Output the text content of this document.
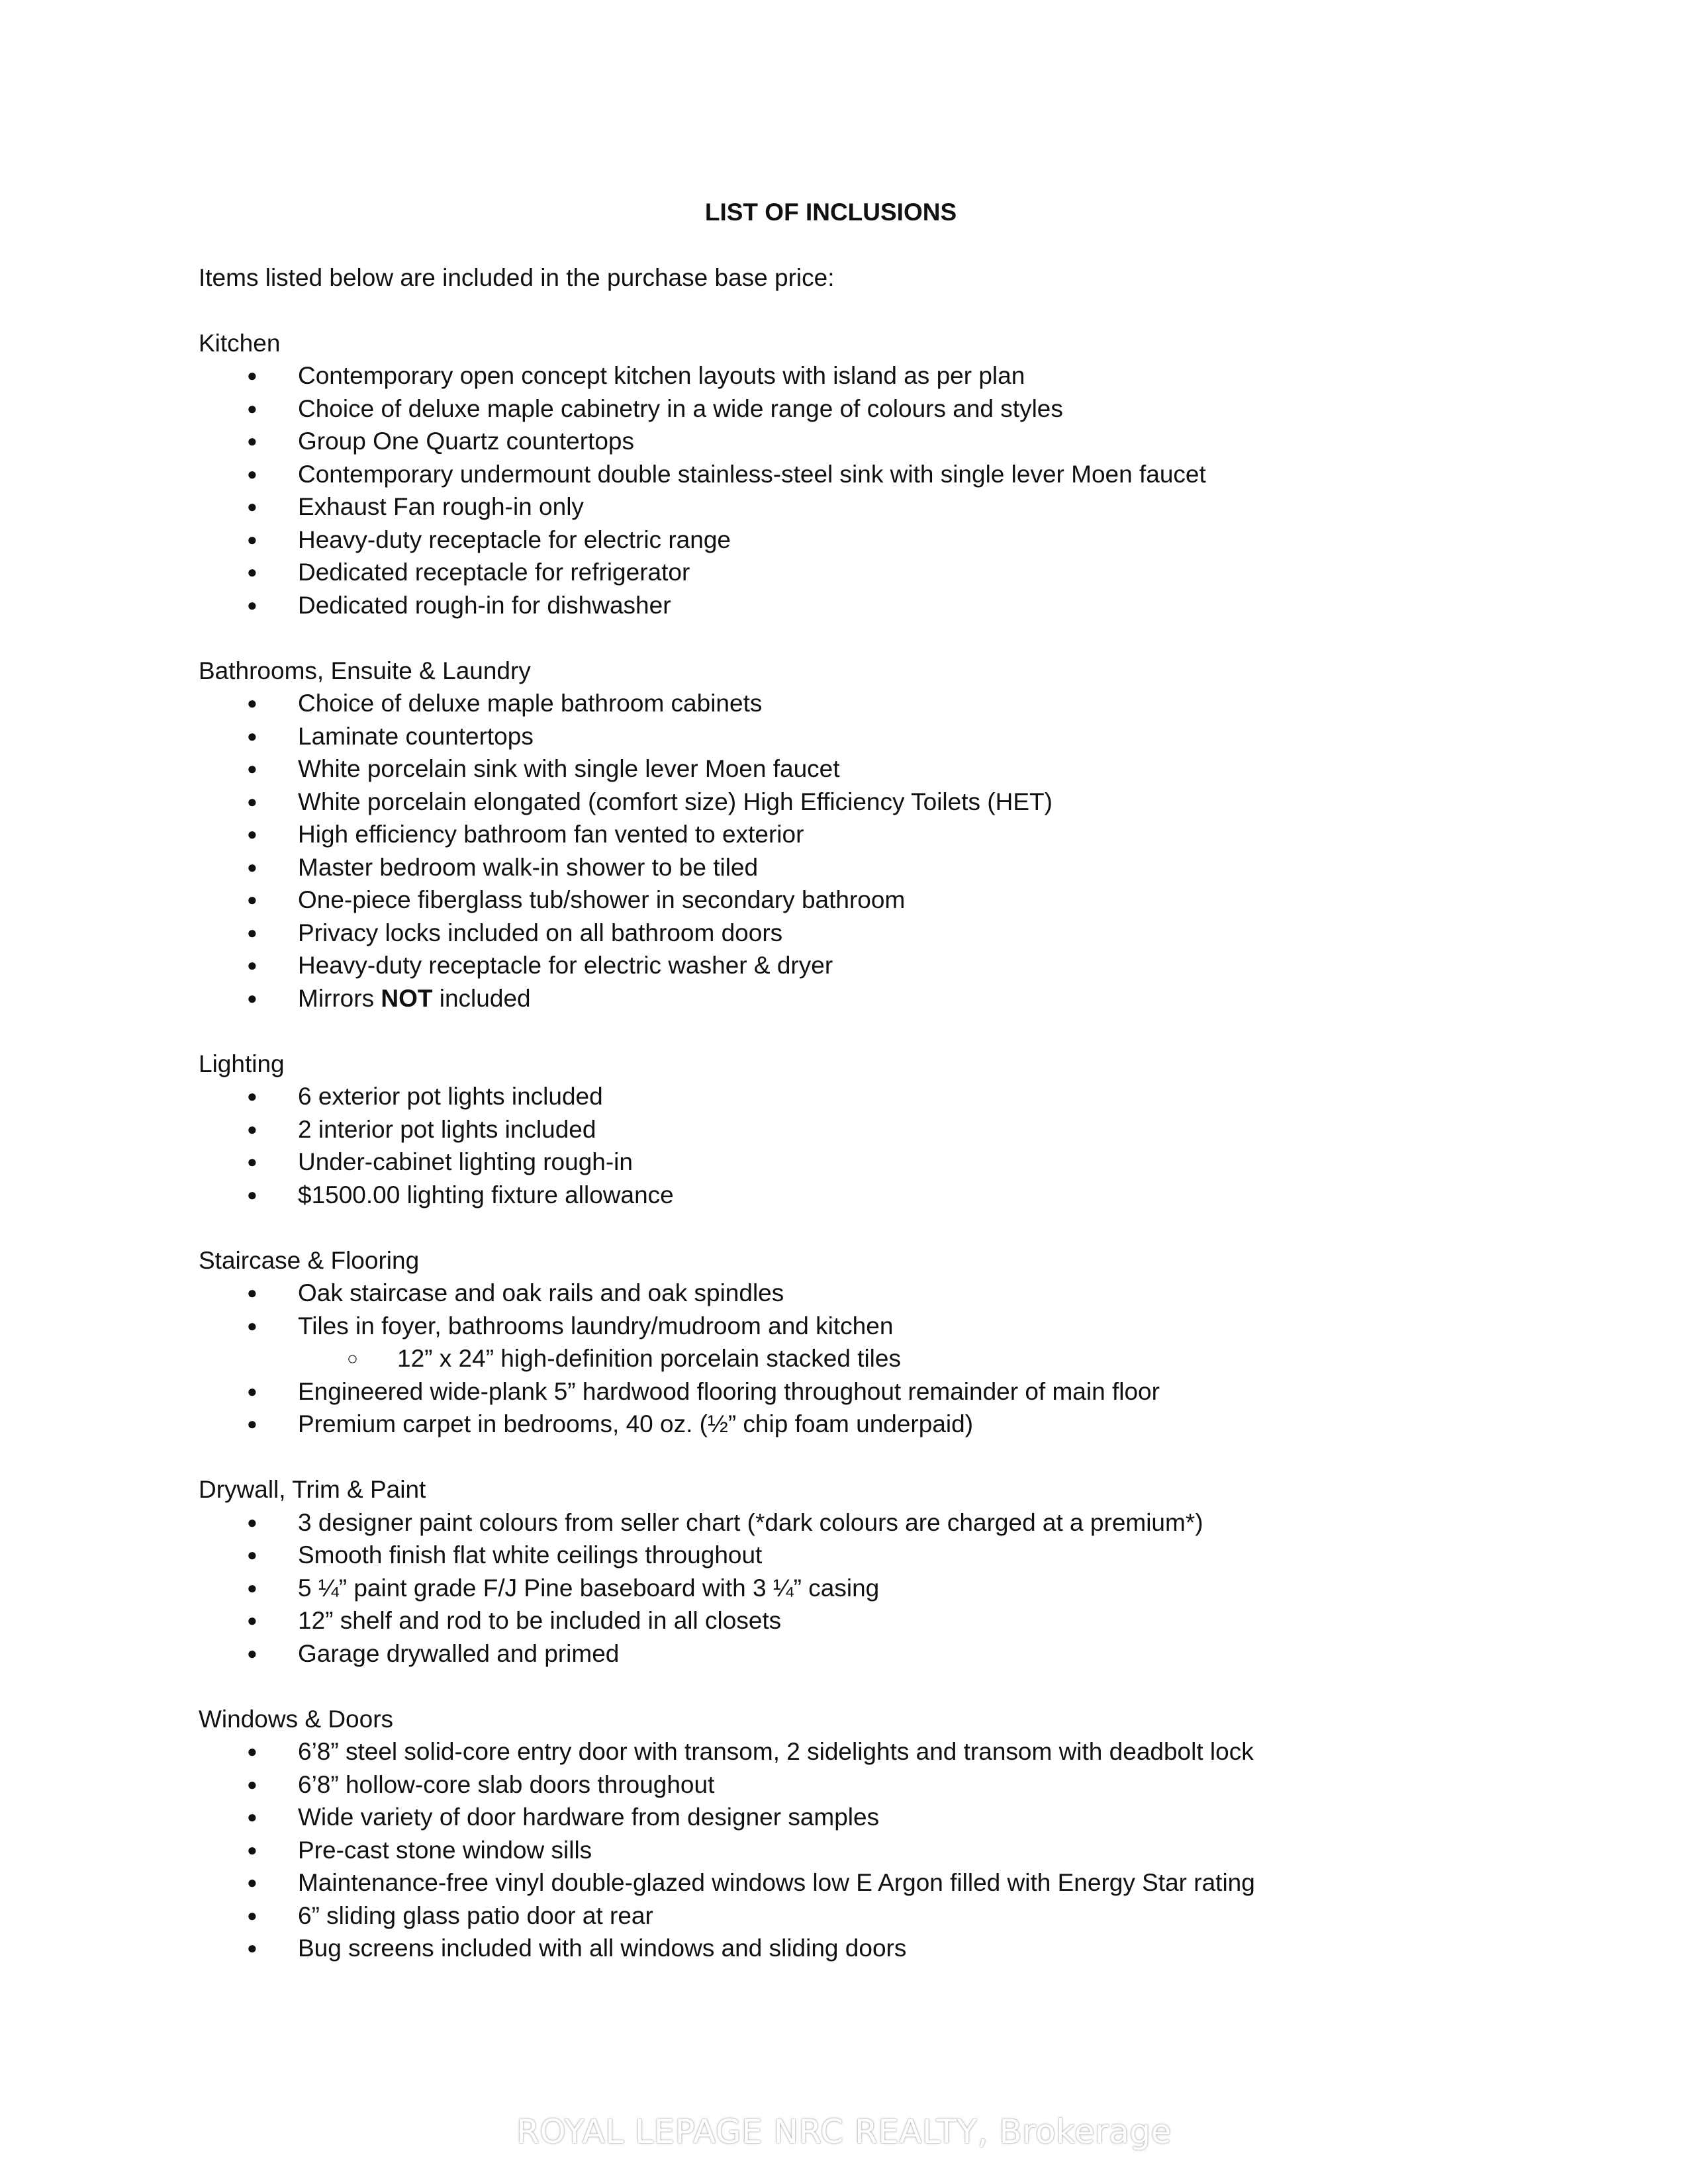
LIST OF INCLUSIONS
Items listed below are included in the purchase base price:
Kitchen
● Contemporary open concept kitchen layouts with island as per plan
● Choice of deluxe maple cabinetry in a wide range of colours and styles
● Group One Quartz countertops
● Contemporary undermount double stainless-steel sink with single lever Moen faucet
● Exhaust Fan rough-in only
● Heavy-duty receptacle for electric range
● Dedicated receptacle for refrigerator
● Dedicated rough-in for dishwasher
Bathrooms, Ensuite & Laundry
● Choice of deluxe maple bathroom cabinets
● Laminate countertops
● White porcelain sink with single lever Moen faucet
● White porcelain elongated (comfort size) High Efficiency Toilets (HET)
● High efficiency bathroom fan vented to exterior
● Master bedroom walk-in shower to be tiled
● One-piece fiberglass tub/shower in secondary bathroom
● Privacy locks included on all bathroom doors
● Heavy-duty receptacle for electric washer & dryer
● Mirrors NOT included
Lighting
● 6 exterior pot lights included
● 2 interior pot lights included
● Under-cabinet lighting rough-in
● $1500.00 lighting fixture allowance
Staircase & Flooring
● Oak staircase and oak rails and oak spindles
● Tiles in foyer, bathrooms laundry/mudroom and kitchen
○ 12” x 24” high-definition porcelain stacked tiles
● Engineered wide-plank 5” hardwood flooring throughout remainder of main floor
● Premium carpet in bedrooms, 40 oz. (½” chip foam underpaid)
Drywall, Trim & Paint
● 3 designer paint colours from seller chart (*dark colours are charged at a premium*)
● Smooth finish flat white ceilings throughout
● 5 ¼” paint grade F/J Pine baseboard with 3 ¼” casing
● 12” shelf and rod to be included in all closets
● Garage drywalled and primed
Windows & Doors
● 6’8” steel solid-core entry door with transom, 2 sidelights and transom with deadbolt lock
● 6’8” hollow-core slab doors throughout
● Wide variety of door hardware from designer samples
● Pre-cast stone window sills
● Maintenance-free vinyl double-glazed windows low E Argon filled with Energy Star rating
● 6” sliding glass patio door at rear
● Bug screens included with all windows and sliding doors
ROYAL LEPAGE NRC REALTY, Brokerage
